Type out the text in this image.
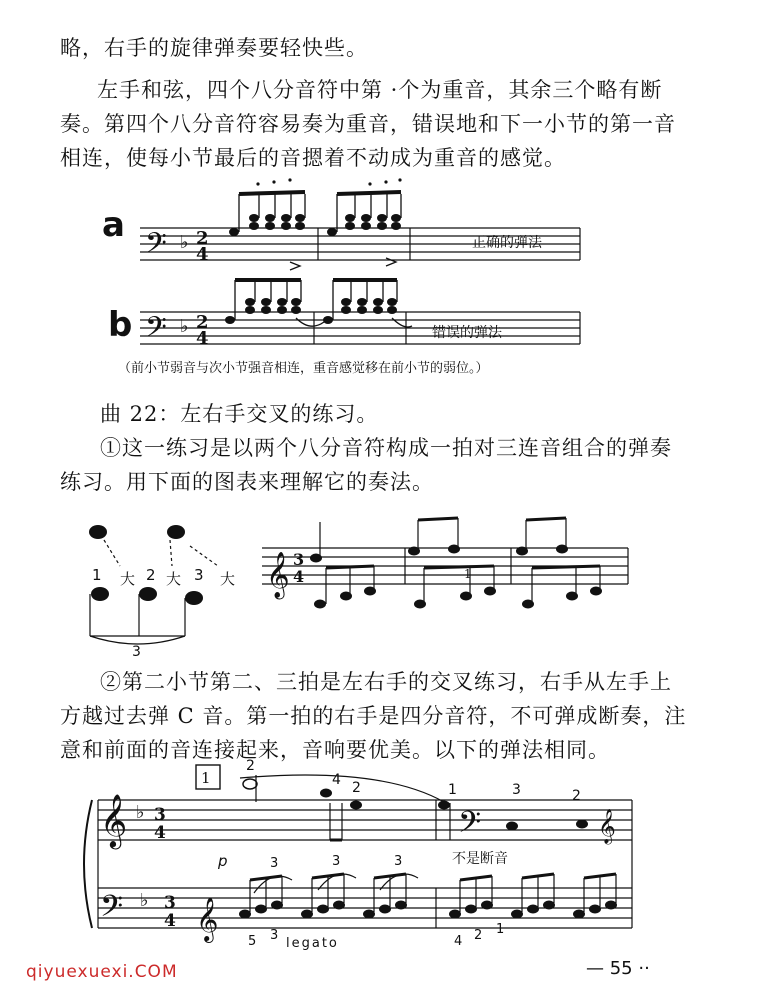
略，右手的旋律弹奏要轻快些。
左手和弦，四个八分音符中第 ·个为重音，其余三个略有断
奏。第四个八分音符容易奏为重音，错误地和下一小节的第一音
相连，使每小节最后的音摁着不动成为重音的感觉。
a
b
𝄢
𝄢
♭
♭
2
4
2
4
𝄞 3
4	1
𝄞
𝄢
𝄢
𝄞
𝄞
♭
♭
3
4
3
4
1
正确的弹法
错误的弹法
（前小节弱音与次小节强音相连，重音感觉移在前小节的弱位。）
曲 22：左右手交叉的练习。
①这一练习是以两个八分音符构成一拍对三连音组合的弹奏
练习。用下面的图表来理解它的奏法。
1 大 2 大 3 大
3
②第二小节第二、三拍是左右手的交叉练习，右手从左手上
方越过去弹 C 音。第一拍的右手是四分音符，不可弹成断奏，注
意和前面的音连接起来，音响要优美。以下的弹法相同。
2
4 2	1	3	2
p	3	3	3	不是断音
5 3
legato	4 2 1
qiyuexuexi.COM	— 55 ··
